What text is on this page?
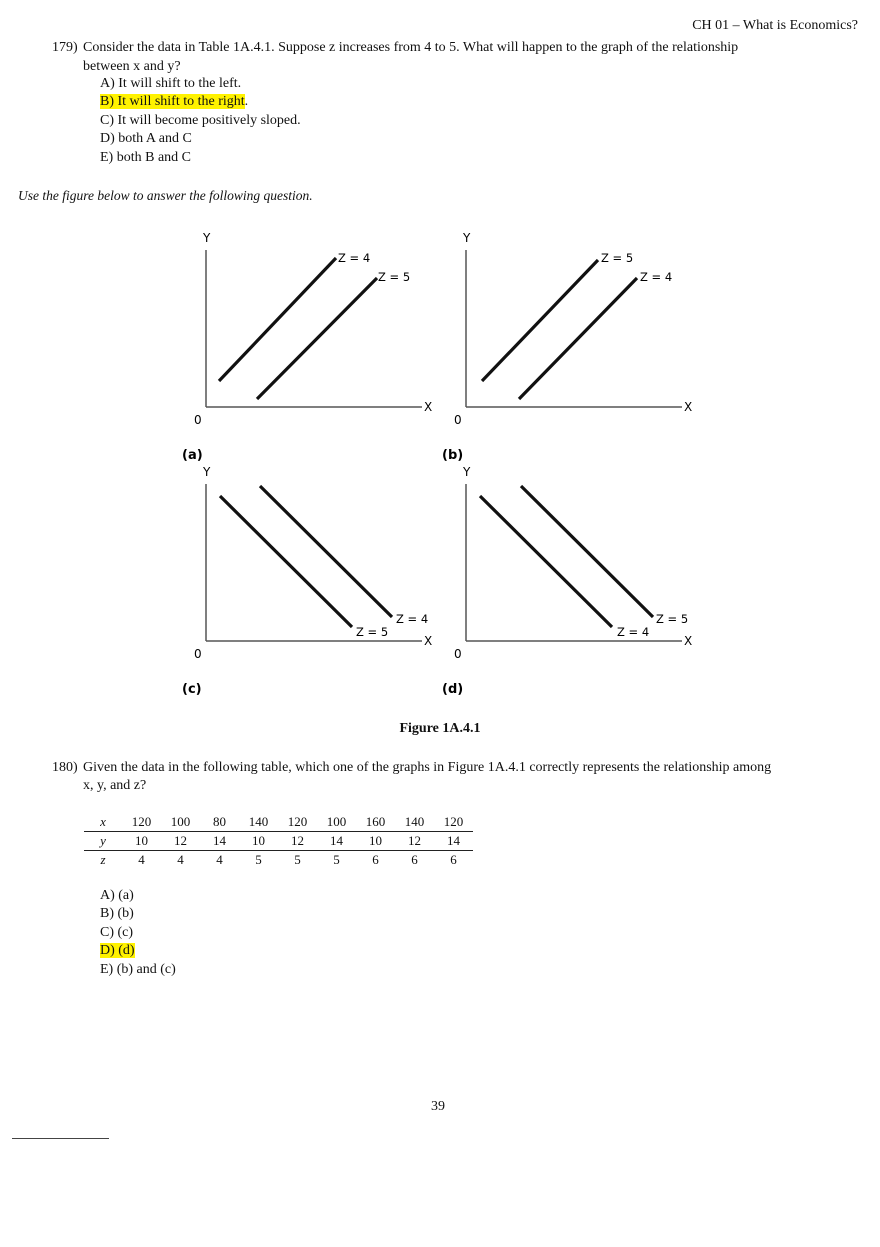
CH 01 – What is Economics?
179) Consider the data in Table 1A.4.1. Suppose z increases from 4 to 5. What will happen to the graph of the relationship
between x and y?
A) It will shift to the left.
B) It will shift to the right.
C) It will become positively sloped.
D) both A and C
E) both B and C
Use the figure below to answer the following question.
Y
X
0
Z = 4
Z = 5
(a)
Y
X
0
Z = 5
Z = 4
(b)
Y
X
0
Z = 5
Z = 4
(c)
Y
X
0
Z = 4
Z = 5
(d)
Figure 1A.4.1
180) Given the data in the following table, which one of the graphs in Figure 1A.4.1 correctly represents the relationship among
x, y, and z?
x	120	100	80	140	120	100	160	140	120
y	10	12	14	10	12	14	10	12	14
z	4	4	4	5	5	5	6	6	6
A) (a)
B) (b)
C) (c)
D) (d)
E) (b) and (c)
39
